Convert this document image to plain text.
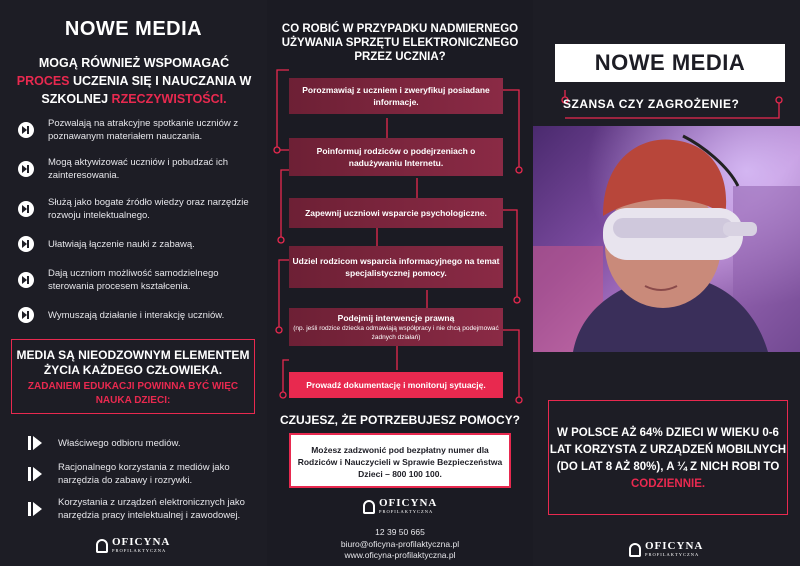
NOWE MEDIA
MOGĄ RÓWNIEŻ WSPOMAGAĆ PROCES UCZENIA SIĘ I NAUCZANIA W SZKOLNEJ RZECZYWISTOŚCI.
Pozwalają na atrakcyjne spotkanie uczniów z poznawanym materiałem nauczania.
Mogą aktywizować uczniów i pobudzać ich zainteresowania.
Służą jako bogate źródło wiedzy oraz narzędzie rozwoju intelektualnego.
Ułatwiają łączenie nauki z zabawą.
Dają uczniom możliwość samodzielnego sterowania procesem kształcenia.
Wymuszają działanie i interakcję uczniów.
MEDIA SĄ NIEODZOWNYM ELEMENTEM ŻYCIA KAŻDEGO CZŁOWIEKA.
ZADANIEM EDUKACJI POWINNA BYĆ WIĘC NAUKA DZIECI:
Właściwego odbioru mediów.
Racjonalnego korzystania z mediów jako narzędzia do zabawy i rozrywki.
Korzystania z urządzeń elektronicznych jako narzędzia pracy intelektualnej i zawodowej.
OFICYNA
PROFILAKTYCZNA
CO ROBIĆ W PRZYPADKU NADMIERNEGO UŻYWANIA SPRZĘTU ELEKTRONICZNEGO PRZEZ UCZNIA?
Porozmawiaj z uczniem i zweryfikuj posiadane informacje.
Poinformuj rodziców o podejrzeniach o nadużywaniu Internetu.
Zapewnij uczniowi wsparcie psychologiczne.
Udziel rodzicom wsparcia informacyjnego na temat specjalistycznej pomocy.
Podejmij interwencje prawną
(np. jeśli rodzice dziecka odmawiają współpracy i nie chcą podejmować żadnych działań)
Prowadź dokumentację i monitoruj sytuację.
CZUJESZ, ŻE POTRZEBUJESZ POMOCY?
Możesz zadzwonić pod bezpłatny numer dla Rodziców i Nauczycieli w Sprawie Bezpieczeństwa Dzieci – 800 100 100.
OFICYNA
PROFILAKTYCZNA
12 39 50 665
biuro@oficyna-profilaktyczna.pl
www.oficyna-profilaktyczna.pl
NOWE MEDIA
SZANSA CZY ZAGROŻENIE?
W POLSCE AŻ 64% DZIECI W WIEKU 0-6 LAT KORZYSTA Z URZĄDZEŃ MOBILNYCH (DO LAT 8 AŻ 80%), A ¼ Z NICH ROBI TO CODZIENNIE.
OFICYNA
PROFILAKTYCZNA
